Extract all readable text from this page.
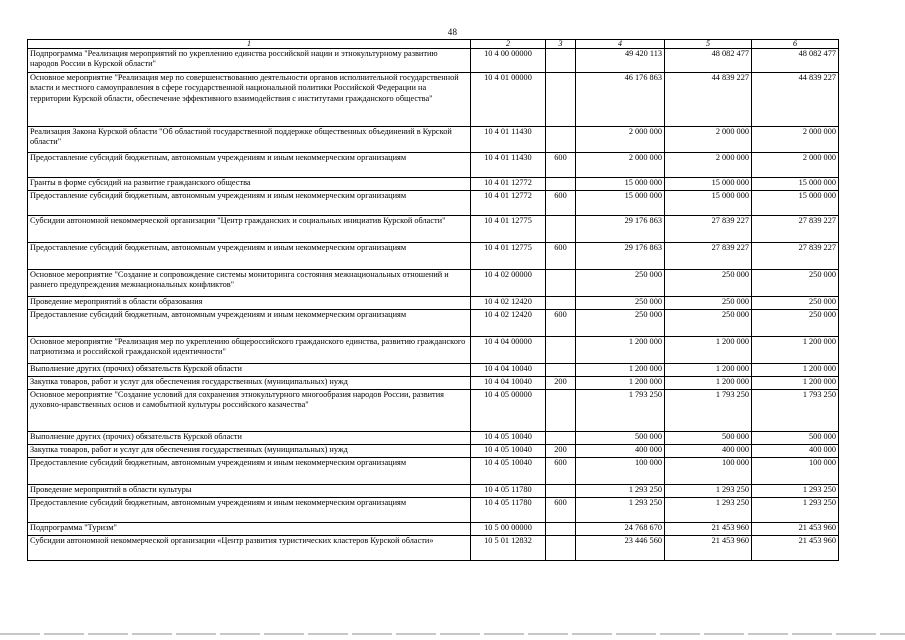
48
1	2	3	4	5	6
Подпрограмма "Реализация мероприятий по укреплению единства российской нации и этнокультурному развитию народов России в Курской области"	10 4 00 00000		49 420 113	48 082 477	48 082 477
Основное мероприятие "Реализация мер по совершенствованию деятельности органов исполнительной государственной власти и местного самоуправления в сфере государственной национальной политики Российской Федерации на территории Курской области, обеспечение эффективного взаимодействия с институтами гражданского общества"	10 4 01 00000		46 176 863	44 839 227	44 839 227
Реализация Закона Курской области "Об областной государственной поддержке общественных объединений в Курской области"	10 4 01 11430		2 000 000	2 000 000	2 000 000
Предоставление субсидий бюджетным, автономным учреждениям и иным некоммерческим организациям	10 4 01 11430	600	2 000 000	2 000 000	2 000 000
Гранты в форме субсидий на развитие гражданского общества	10 4 01 12772		15 000 000	15 000 000	15 000 000
Предоставление субсидий бюджетным, автономным учреждениям и иным некоммерческим организациям	10 4 01 12772	600	15 000 000	15 000 000	15 000 000
Субсидии автономной некоммерческой организации "Центр гражданских и социальных инициатив Курской области"	10 4 01 12775		29 176 863	27 839 227	27 839 227
Предоставление субсидий бюджетным, автономным учреждениям и иным некоммерческим организациям	10 4 01 12775	600	29 176 863	27 839 227	27 839 227
Основное мероприятие "Создание и сопровождение системы мониторинга состояния межнациональных отношений и раннего предупреждения межнациональных конфликтов"	10 4 02 00000		250 000	250 000	250 000
Проведение мероприятий в области образования	10 4 02 12420		250 000	250 000	250 000
Предоставление субсидий бюджетным, автономным учреждениям и иным некоммерческим организациям	10 4 02 12420	600	250 000	250 000	250 000
Основное мероприятие "Реализация мер по укреплению общероссийского гражданского единства, развитию гражданского патриотизма и российской гражданской идентичности"	10 4 04 00000		1 200 000	1 200 000	1 200 000
Выполнение других (прочих) обязательств Курской области	10 4 04 10040		1 200 000	1 200 000	1 200 000
Закупка товаров, работ и услуг для обеспечения государственных (муниципальных) нужд	10 4 04 10040	200	1 200 000	1 200 000	1 200 000
Основное мероприятие "Создание условий для сохранения этнокультурного многообразия народов России, развития духовно-нравственных основ и самобытной культуры российского казачества"	10 4 05 00000		1 793 250	1 793 250	1 793 250
Выполнение других (прочих) обязательств Курской области	10 4 05 10040		500 000	500 000	500 000
Закупка товаров, работ и услуг для обеспечения государственных (муниципальных) нужд	10 4 05 10040	200	400 000	400 000	400 000
Предоставление субсидий бюджетным, автономным учреждениям и иным некоммерческим организациям	10 4 05 10040	600	100 000	100 000	100 000
Проведение мероприятий в области культуры	10 4 05 11780		1 293 250	1 293 250	1 293 250
Предоставление субсидий бюджетным, автономным учреждениям и иным некоммерческим организациям	10 4 05 11780	600	1 293 250	1 293 250	1 293 250
Подпрограмма "Туризм"	10 5 00 00000		24 768 670	21 453 960	21 453 960
Субсидии автономной некоммерческой организации «Центр развития туристических кластеров Курской области»	10 5 01 12832		23 446 560	21 453 960	21 453 960
